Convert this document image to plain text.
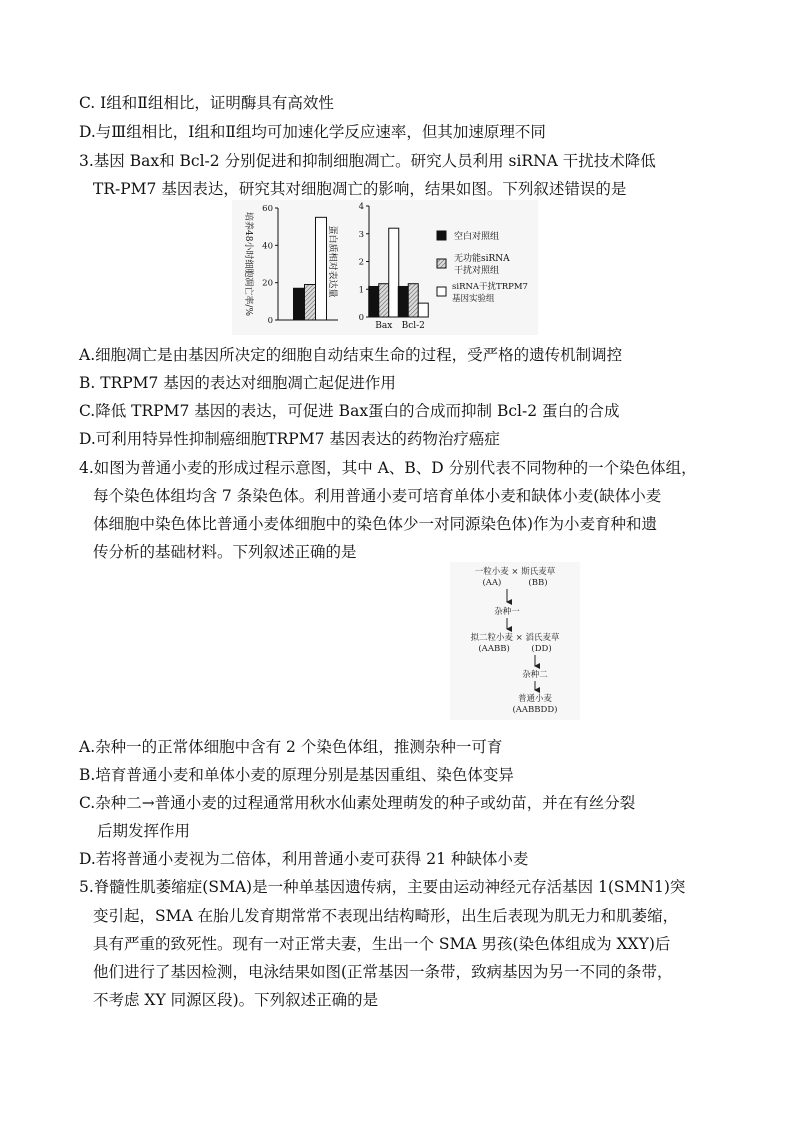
C. Ⅰ组和Ⅱ组相比，证明酶具有高效性
D.与Ⅲ组相比，Ⅰ组和Ⅱ组均可加速化学反应速率，但其加速原理不同
3.基因 Bax和 Bcl-2 分别促进和抑制细胞凋亡。研究人员利用 siRNA 干扰技术降低
TR-PM7 基因表达，研究其对细胞凋亡的影响，结果如图。下列叙述错误的是
0
20
40
60
培养48小时细胞凋亡率/%
0
1
2
3
4
蛋白质相对表达量
Bax Bcl-2
空白对照组
无功能siRNA
干扰对照组
siRNA干扰TRPM7
基因实验组
A.细胞凋亡是由基因所决定的细胞自动结束生命的过程，受严格的遗传机制调控
B. TRPM7 基因的表达对细胞凋亡起促进作用
C.降低 TRPM7 基因的表达，可促进 Bax蛋白的合成而抑制 Bcl-2 蛋白的合成
D.可利用特异性抑制癌细胞TRPM7 基因表达的药物治疗癌症
4.如图为普通小麦的形成过程示意图，其中 A、B、D 分别代表不同物种的一个染色体组，
每个染色体组均含 7 条染色体。利用普通小麦可培育单体小麦和缺体小麦(缺体小麦
体细胞中染色体比普通小麦体细胞中的染色体少一对同源染色体)作为小麦育种和遗
传分析的基础材料。下列叙述正确的是
一粒小麦 × 斯氏麦草
(AA)          (BB)
杂种一
拟二粒小麦 × 滔氏麦草
(AABB)        (DD)
杂种二
普通小麦
(AABBDD)
A.杂种一的正常体细胞中含有 2 个染色体组，推测杂种一可育
B.培育普通小麦和单体小麦的原理分别是基因重组、染色体变异
C.杂种二→普通小麦的过程通常用秋水仙素处理萌发的种子或幼苗，并在有丝分裂
后期发挥作用
D.若将普通小麦视为二倍体，利用普通小麦可获得 21 种缺体小麦
5.脊髓性肌萎缩症(SMA)是一种单基因遗传病，主要由运动神经元存活基因 1(SMN1)突
变引起，SMA 在胎儿发育期常常不表现出结构畸形，出生后表现为肌无力和肌萎缩，
具有严重的致死性。现有一对正常夫妻，生出一个 SMA 男孩(染色体组成为 XXY)后
他们进行了基因检测，电泳结果如图(正常基因一条带，致病基因为另一不同的条带，
不考虑 XY 同源区段)。下列叙述正确的是
